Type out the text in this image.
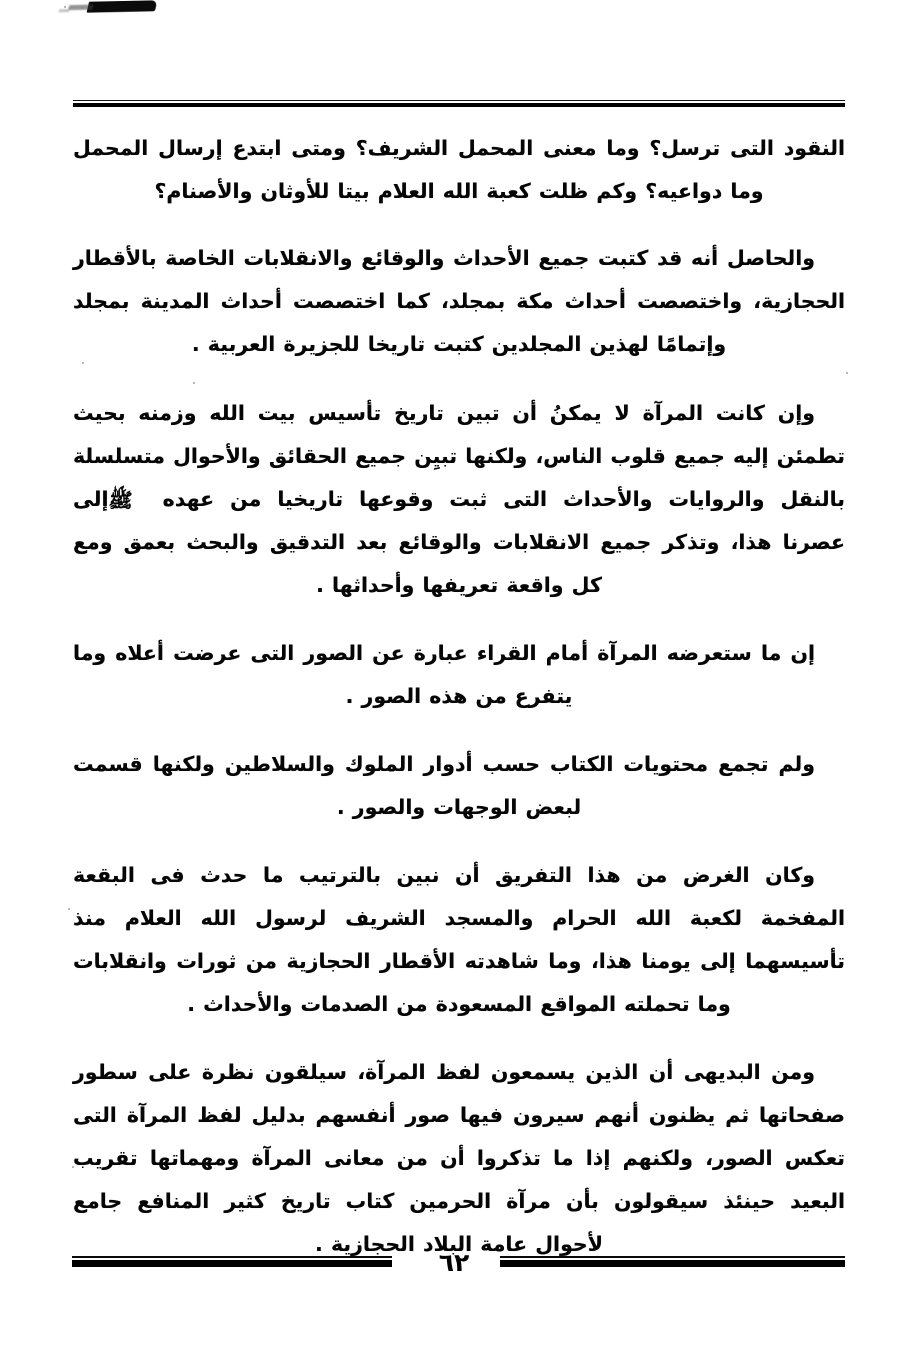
النقود التى ترسل؟ وما معنى المحمل الشريف؟ ومتى ابتدع إرسال المحمل وما دواعيه؟ وكم ظلت كعبة الله العلام بيتا للأوثان والأصنام؟

والحاصل أنه قد كتبت جميع الأحداث والوقائع والانقلابات الخاصة بالأقطار الحجازية، واختصصت أحداث مكة بمجلد، كما اختصصت أحداث المدينة بمجلد وإتمامًا لهذين المجلدين كتبت تاريخا للجزيرة العربية .

وإن كانت المرآة لا يمكنُ أن تبين تاريخ تأسيس بيت الله وزمنه بحيث تطمئن إليه جميع قلوب الناس، ولكنها تبيِن جميع الحقائق والأحوال متسلسلة بالنقل والروايات والأحداث التى ثبت وقوعها تاريخيا من عهدهﷺإلى عصرنا هذا، وتذكر جميع الانقلابات والوقائع بعد التدقيق والبحث بعمق ومع كل واقعة تعريفها وأحداثها .

إن ما ستعرضه المرآة أمام القراء عبارة عن الصور التى عرضت أعلاه وما يتفرع من هذه الصور .

ولم تجمع محتويات الكتاب حسب أدوار الملوك والسلاطين ولكنها قسمت لبعض الوجهات والصور .

وكان الغرض من هذا التفريق أن نبين بالترتيب ما حدث فى البقعة المفخمة لكعبة الله الحرام والمسجد الشريف لرسول الله العلام منذ تأسيسهما إلى يومنا هذا، وما شاهدته الأقطار الحجازية من ثورات وانقلابات وما تحملته المواقع المسعودة من الصدمات والأحداث .

ومن البديهى أن الذين يسمعون لفظ المرآة، سيلقون نظرة على سطور صفحاتها ثم يظنون أنهم سيرون فيها صور أنفسهم بدليل لفظ المرآة التى تعكس الصور، ولكنهم إذا ما تذكروا أن من معانى المرآة ومهماتها تقريب البعيد حينئذ سيقولون بأن مرآة الحرمين كتاب تاريخ كثير المنافع جامع لأحوال عامة البلاد الحجازية .

٦٢
